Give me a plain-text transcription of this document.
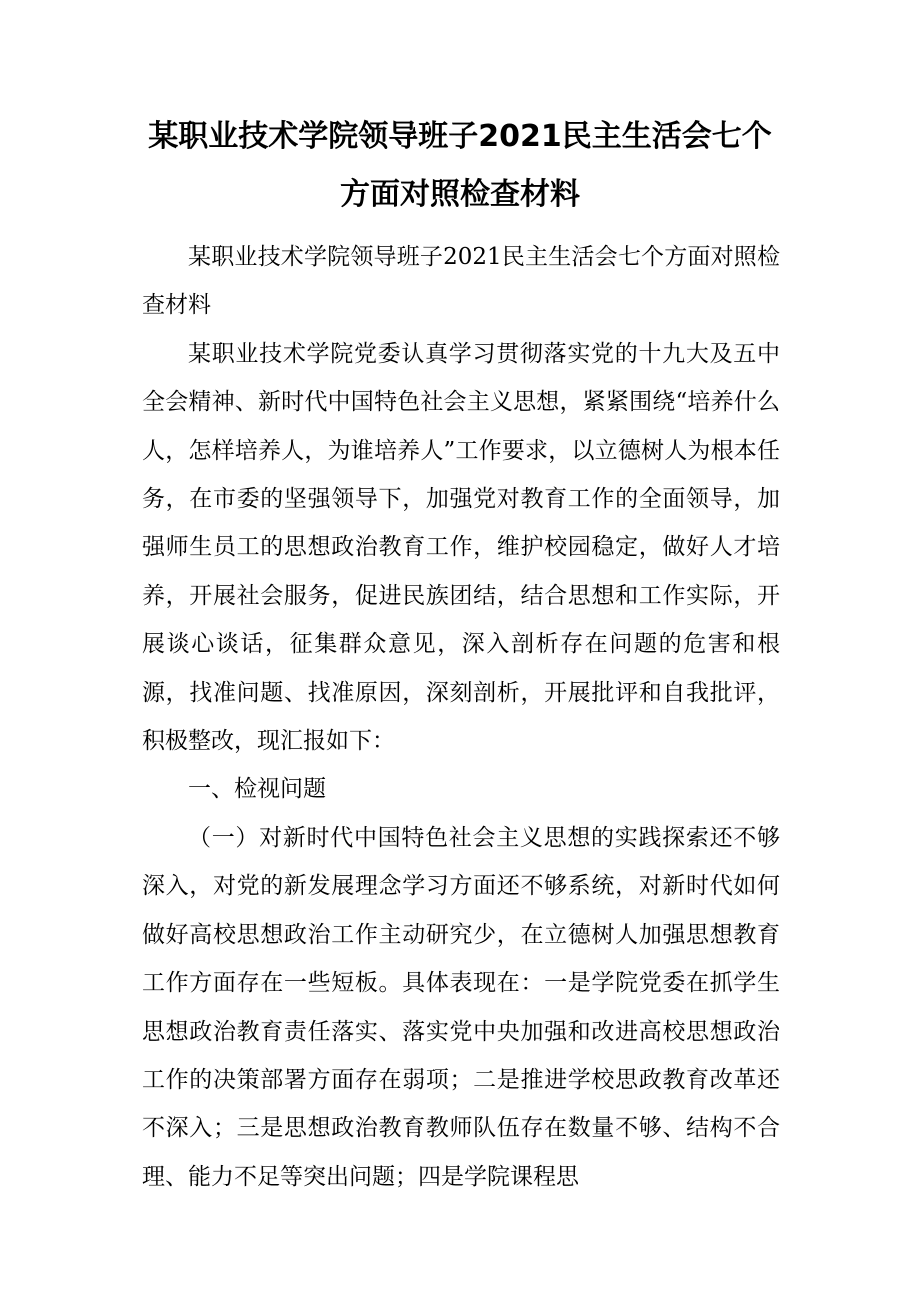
某职业技术学院领导班子2021民主生活会七个方面对照检查材料

某职业技术学院领导班子2021民主生活会七个方面对照检查材料

某职业技术学院党委认真学习贯彻落实党的十九大及五中全会精神、新时代中国特色社会主义思想，紧紧围绕“培养什么人，怎样培养人，为谁培养人”工作要求，以立德树人为根本任务，在市委的坚强领导下，加强党对教育工作的全面领导，加强师生员工的思想政治教育工作，维护校园稳定，做好人才培养，开展社会服务，促进民族团结，结合思想和工作实际，开展谈心谈话，征集群众意见，深入剖析存在问题的危害和根源，找准问题、找准原因，深刻剖析，开展批评和自我批评，积极整改，现汇报如下：

一、检视问题

（一）对新时代中国特色社会主义思想的实践探索还不够深入，对党的新发展理念学习方面还不够系统，对新时代如何做好高校思想政治工作主动研究少，在立德树人加强思想教育工作方面存在一些短板。具体表现在：一是学院党委在抓学生思想政治教育责任落实、落实党中央加强和改进高校思想政治工作的决策部署方面存在弱项；二是推进学校思政教育改革还不深入；三是思想政治教育教师队伍存在数量不够、结构不合理、能力不足等突出问题；四是学院课程思
